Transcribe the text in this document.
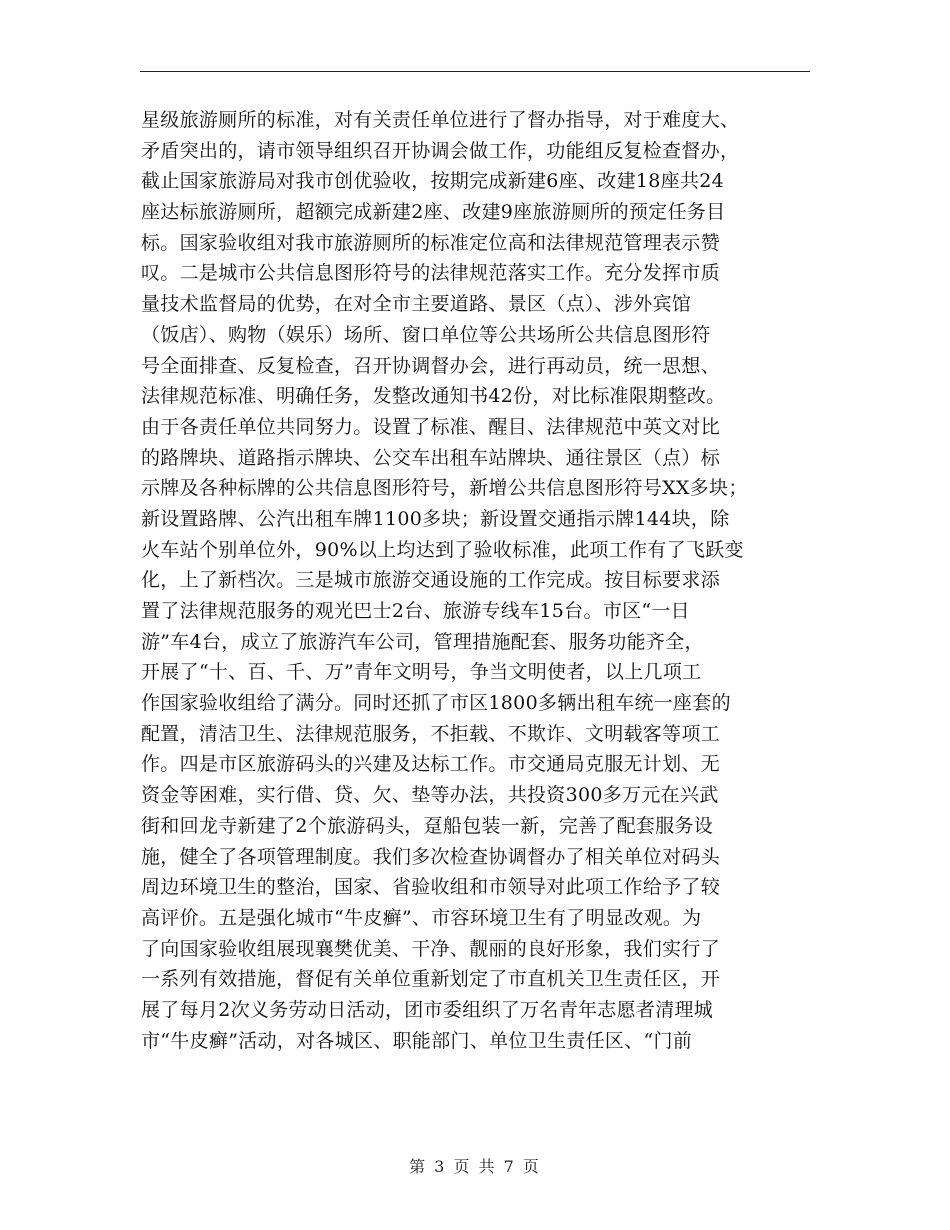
星级旅游厕所的标准，对有关责任单位进行了督办指导，对于难度大、
矛盾突出的，请市领导组织召开协调会做工作，功能组反复检查督办，
截止国家旅游局对我市创优验收，按期完成新建6座、改建18座共24
座达标旅游厕所，超额完成新建2座、改建9座旅游厕所的预定任务目
标。国家验收组对我市旅游厕所的标准定位高和法律规范管理表示赞
叹。二是城市公共信息图形符号的法律规范落实工作。充分发挥市质
量技术监督局的优势，在对全市主要道路、景区（点）、涉外宾馆
（饭店）、购物（娱乐）场所、窗口单位等公共场所公共信息图形符
号全面排查、反复检查，召开协调督办会，进行再动员，统一思想、
法律规范标准、明确任务，发整改通知书42份，对比标准限期整改。
由于各责任单位共同努力。设置了标准、醒目、法律规范中英文对比
的路牌块、道路指示牌块、公交车出租车站牌块、通往景区（点）标
示牌及各种标牌的公共信息图形符号，新增公共信息图形符号XX多块；
新设置路牌、公汽出租车牌1100多块；新设置交通指示牌144块，除
火车站个别单位外，90%以上均达到了验收标准，此项工作有了飞跃变
化，上了新档次。三是城市旅游交通设施的工作完成。按目标要求添
置了法律规范服务的观光巴士2台、旅游专线车15台。市区“一日
游”车4台，成立了旅游汽车公司，管理措施配套、服务功能齐全，
开展了“十、百、千、万”青年文明号，争当文明使者，以上几项工
作国家验收组给了满分。同时还抓了市区1800多辆出租车统一座套的
配置，清洁卫生、法律规范服务，不拒载、不欺诈、文明载客等项工
作。四是市区旅游码头的兴建及达标工作。市交通局克服无计划、无
资金等困难，实行借、贷、欠、垫等办法，共投资300多万元在兴武
街和回龙寺新建了2个旅游码头，趸船包装一新，完善了配套服务设
施，健全了各项管理制度。我们多次检查协调督办了相关单位对码头
周边环境卫生的整治，国家、省验收组和市领导对此项工作给予了较
高评价。五是强化城市“牛皮癣”、市容环境卫生有了明显改观。为
了向国家验收组展现襄樊优美、干净、靓丽的良好形象，我们实行了
一系列有效措施，督促有关单位重新划定了市直机关卫生责任区，开
展了每月2次义务劳动日活动，团市委组织了万名青年志愿者清理城
市“牛皮癣”活动，对各城区、职能部门、单位卫生责任区、“门前
第 3 页 共 7 页
